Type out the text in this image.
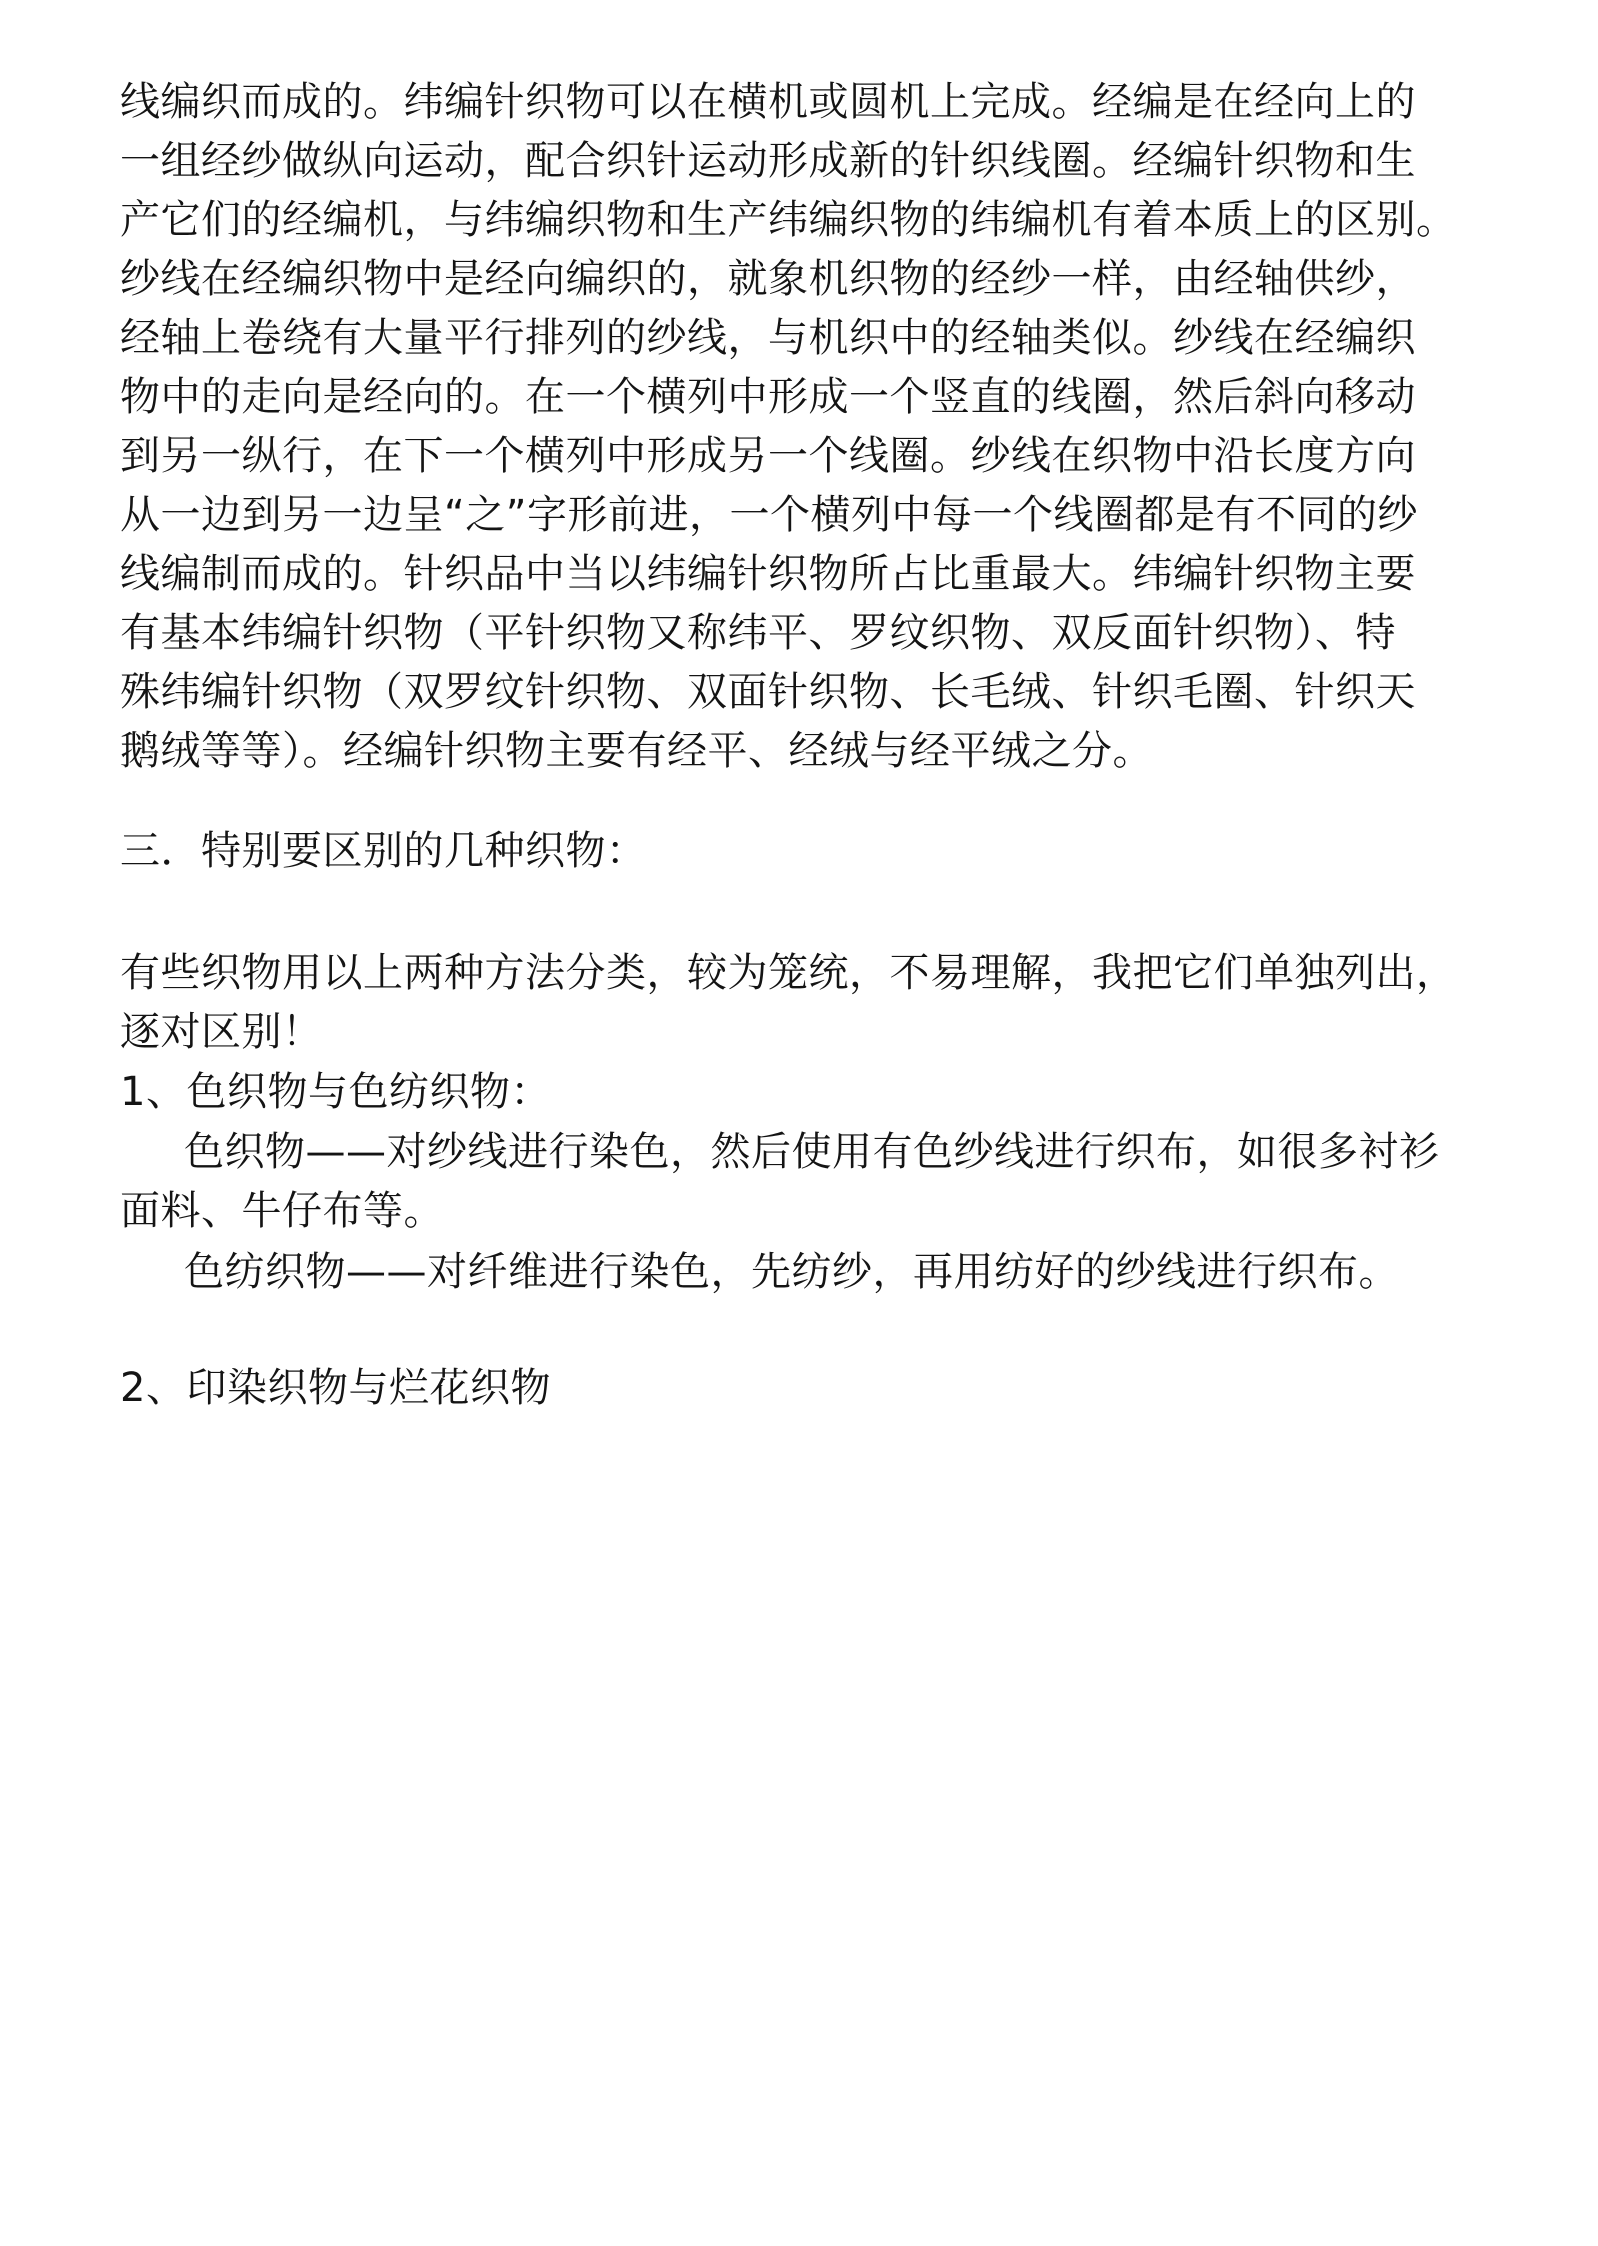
线编织而成的。纬编针织物可以在横机或圆机上完成。经编是在经向上的
一组经纱做纵向运动，配合织针运动形成新的针织线圈。经编针织物和生
产它们的经编机，与纬编织物和生产纬编织物的纬编机有着本质上的区别。
纱线在经编织物中是经向编织的，就象机织物的经纱一样，由经轴供纱，
经轴上卷绕有大量平行排列的纱线，与机织中的经轴类似。纱线在经编织
物中的走向是经向的。在一个横列中形成一个竖直的线圈，然后斜向移动
到另一纵行，在下一个横列中形成另一个线圈。纱线在织物中沿长度方向
从一边到另一边呈“之”字形前进，一个横列中每一个线圈都是有不同的纱
线编制而成的。针织品中当以纬编针织物所占比重最大。纬编针织物主要
有基本纬编针织物（平针织物又称纬平、罗纹织物、双反面针织物）、特
殊纬编针织物（双罗纹针织物、双面针织物、长毛绒、针织毛圈、针织天
鹅绒等等）。经编针织物主要有经平、经绒与经平绒之分。
三．特别要区别的几种织物：
有些织物用以上两种方法分类，较为笼统，不易理解，我把它们单独列出，
逐对区别！
1、色织物与色纺织物：
色织物——对纱线进行染色，然后使用有色纱线进行织布，如很多衬衫
面料、牛仔布等。
色纺织物——对纤维进行染色，先纺纱，再用纺好的纱线进行织布。
2、印染织物与烂花织物
